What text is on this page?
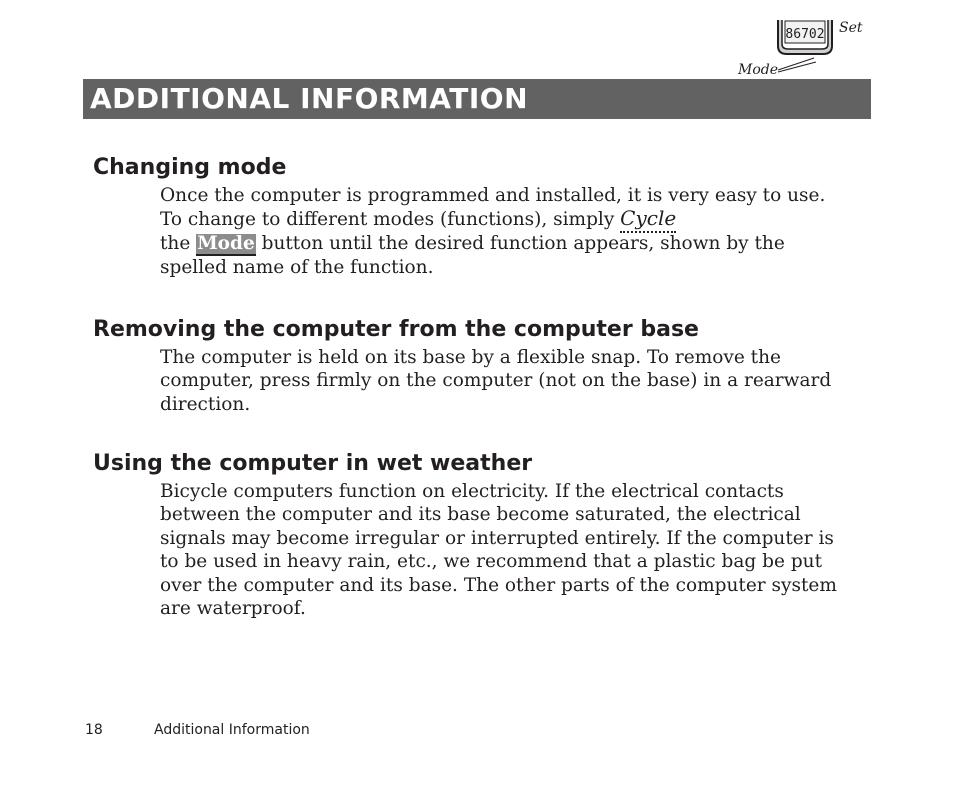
86702 Set
Mode
ADDITIONAL INFORMATION
Changing mode

Once the computer is programmed and installed, it is very easy to use. To change to different modes (functions), simply Cycle
the Mode button until the desired function appears, shown by the spelled name of the function.

Removing the computer from the computer base

The computer is held on its base by a flexible snap. To remove the computer, press firmly on the computer (not on the base) in a rearward direction.

Using the computer in wet weather

Bicycle computers function on electricity. If the electrical contacts between the computer and its base become saturated, the electrical signals may become irregular or interrupted entirely. If the computer is to be used in heavy rain, etc., we recommend that a plastic bag be put over the computer and its base. The other parts of the computer system are waterproof.

18	Additional Information
